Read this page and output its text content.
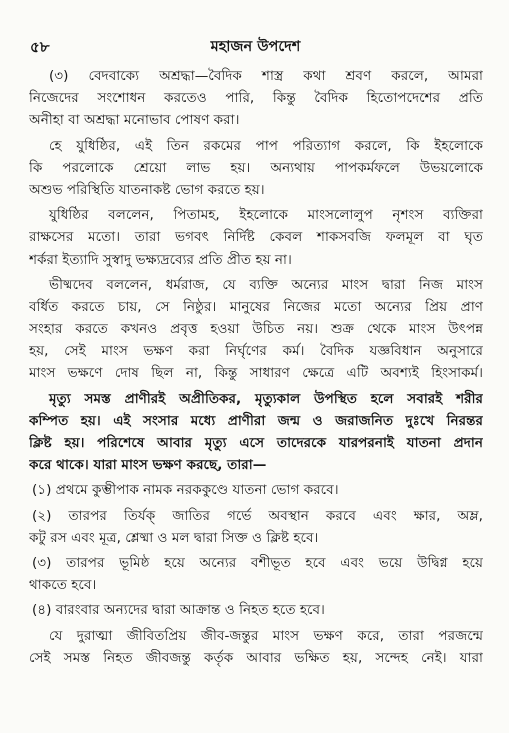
৫৮	মহাজন উপদেশ
(৩) বেদবাক্যে অশ্রদ্ধা—বৈদিক শাস্ত্র কথা শ্রবণ করলে, আমরা
নিজেদের সংশোধন করতেও পারি, কিন্তু বৈদিক হিতোপদেশের প্রতি
অনীহা বা অশ্রদ্ধা মনোভাব পোষণ করা।
হে যুধিষ্ঠির, এই তিন রকমের পাপ পরিত্যাগ করলে, কি ইহলোকে
কি পরলোকে শ্রেয়ো লাভ হয়। অন্যথায় পাপকর্মফলে উভয়লোকে
অশুভ পরিস্থিতি যাতনাকষ্ট ভোগ করতে হয়।
যুধিষ্ঠির বললেন, পিতামহ, ইহলোকে মাংসলোলুপ নৃশংস ব্যক্তিরা
রাক্ষসের মতো। তারা ভগবৎ নির্দিষ্ট কেবল শাকসবজি ফলমূল বা ঘৃত
শর্করা ইত্যাদি সুস্বাদু ভক্ষ্যদ্রব্যের প্রতি প্রীত হয় না।
ভীষ্মদেব বললেন, ধর্মরাজ, যে ব্যক্তি অন্যের মাংস দ্বারা নিজ মাংস
বর্ধিত করতে চায়, সে নিষ্ঠুর। মানুষের নিজের মতো অন্যের প্রিয় প্রাণ
সংহার করতে কখনও প্রবৃত্ত হওয়া উচিত নয়। শুক্র থেকে মাংস উৎপন্ন
হয়, সেই মাংস ভক্ষণ করা নির্ঘৃণের কর্ম। বৈদিক যজ্ঞবিধান অনুসারে
মাংস ভক্ষণে দোষ ছিল না, কিন্তু সাধারণ ক্ষেত্রে এটি অবশ্যই হিংসাকর্ম।
মৃত্যু সমস্ত প্রাণীরই অপ্রীতিকর, মৃত্যুকাল উপস্থিত হলে সবারই শরীর
কম্পিত হয়। এই সংসার মধ্যে প্রাণীরা জন্ম ও জরাজনিত দুঃখে নিরন্তর
ক্লিষ্ট হয়। পরিশেষে আবার মৃত্যু এসে তাদেরকে যারপরনাই যাতনা প্রদান
করে থাকে। যারা মাংস ভক্ষণ করছে, তারা—
(১) প্রথমে কুম্ভীপাক নামক নরককুণ্ডে যাতনা ভোগ করবে।
(২) তারপর তির্যক্ জাতির গর্ভে অবস্থান করবে এবং ক্ষার, অম্ল,
কটু রস এবং মূত্র, শ্লেষ্মা ও মল দ্বারা সিক্ত ও ক্লিষ্ট হবে।
(৩) তারপর ভূমিষ্ঠ হয়ে অন্যের বশীভূত হবে এবং ভয়ে উদ্বিগ্ন হয়ে
থাকতে হবে।
(৪) বারংবার অন্যদের দ্বারা আক্রান্ত ও নিহত হতে হবে।
যে দুরাত্মা জীবিতপ্রিয় জীব-জন্তুর মাংস ভক্ষণ করে, তারা পরজন্মে
সেই সমস্ত নিহত জীবজন্তু কর্তৃক আবার ভক্ষিত হয়, সন্দেহ নেই। যারা
